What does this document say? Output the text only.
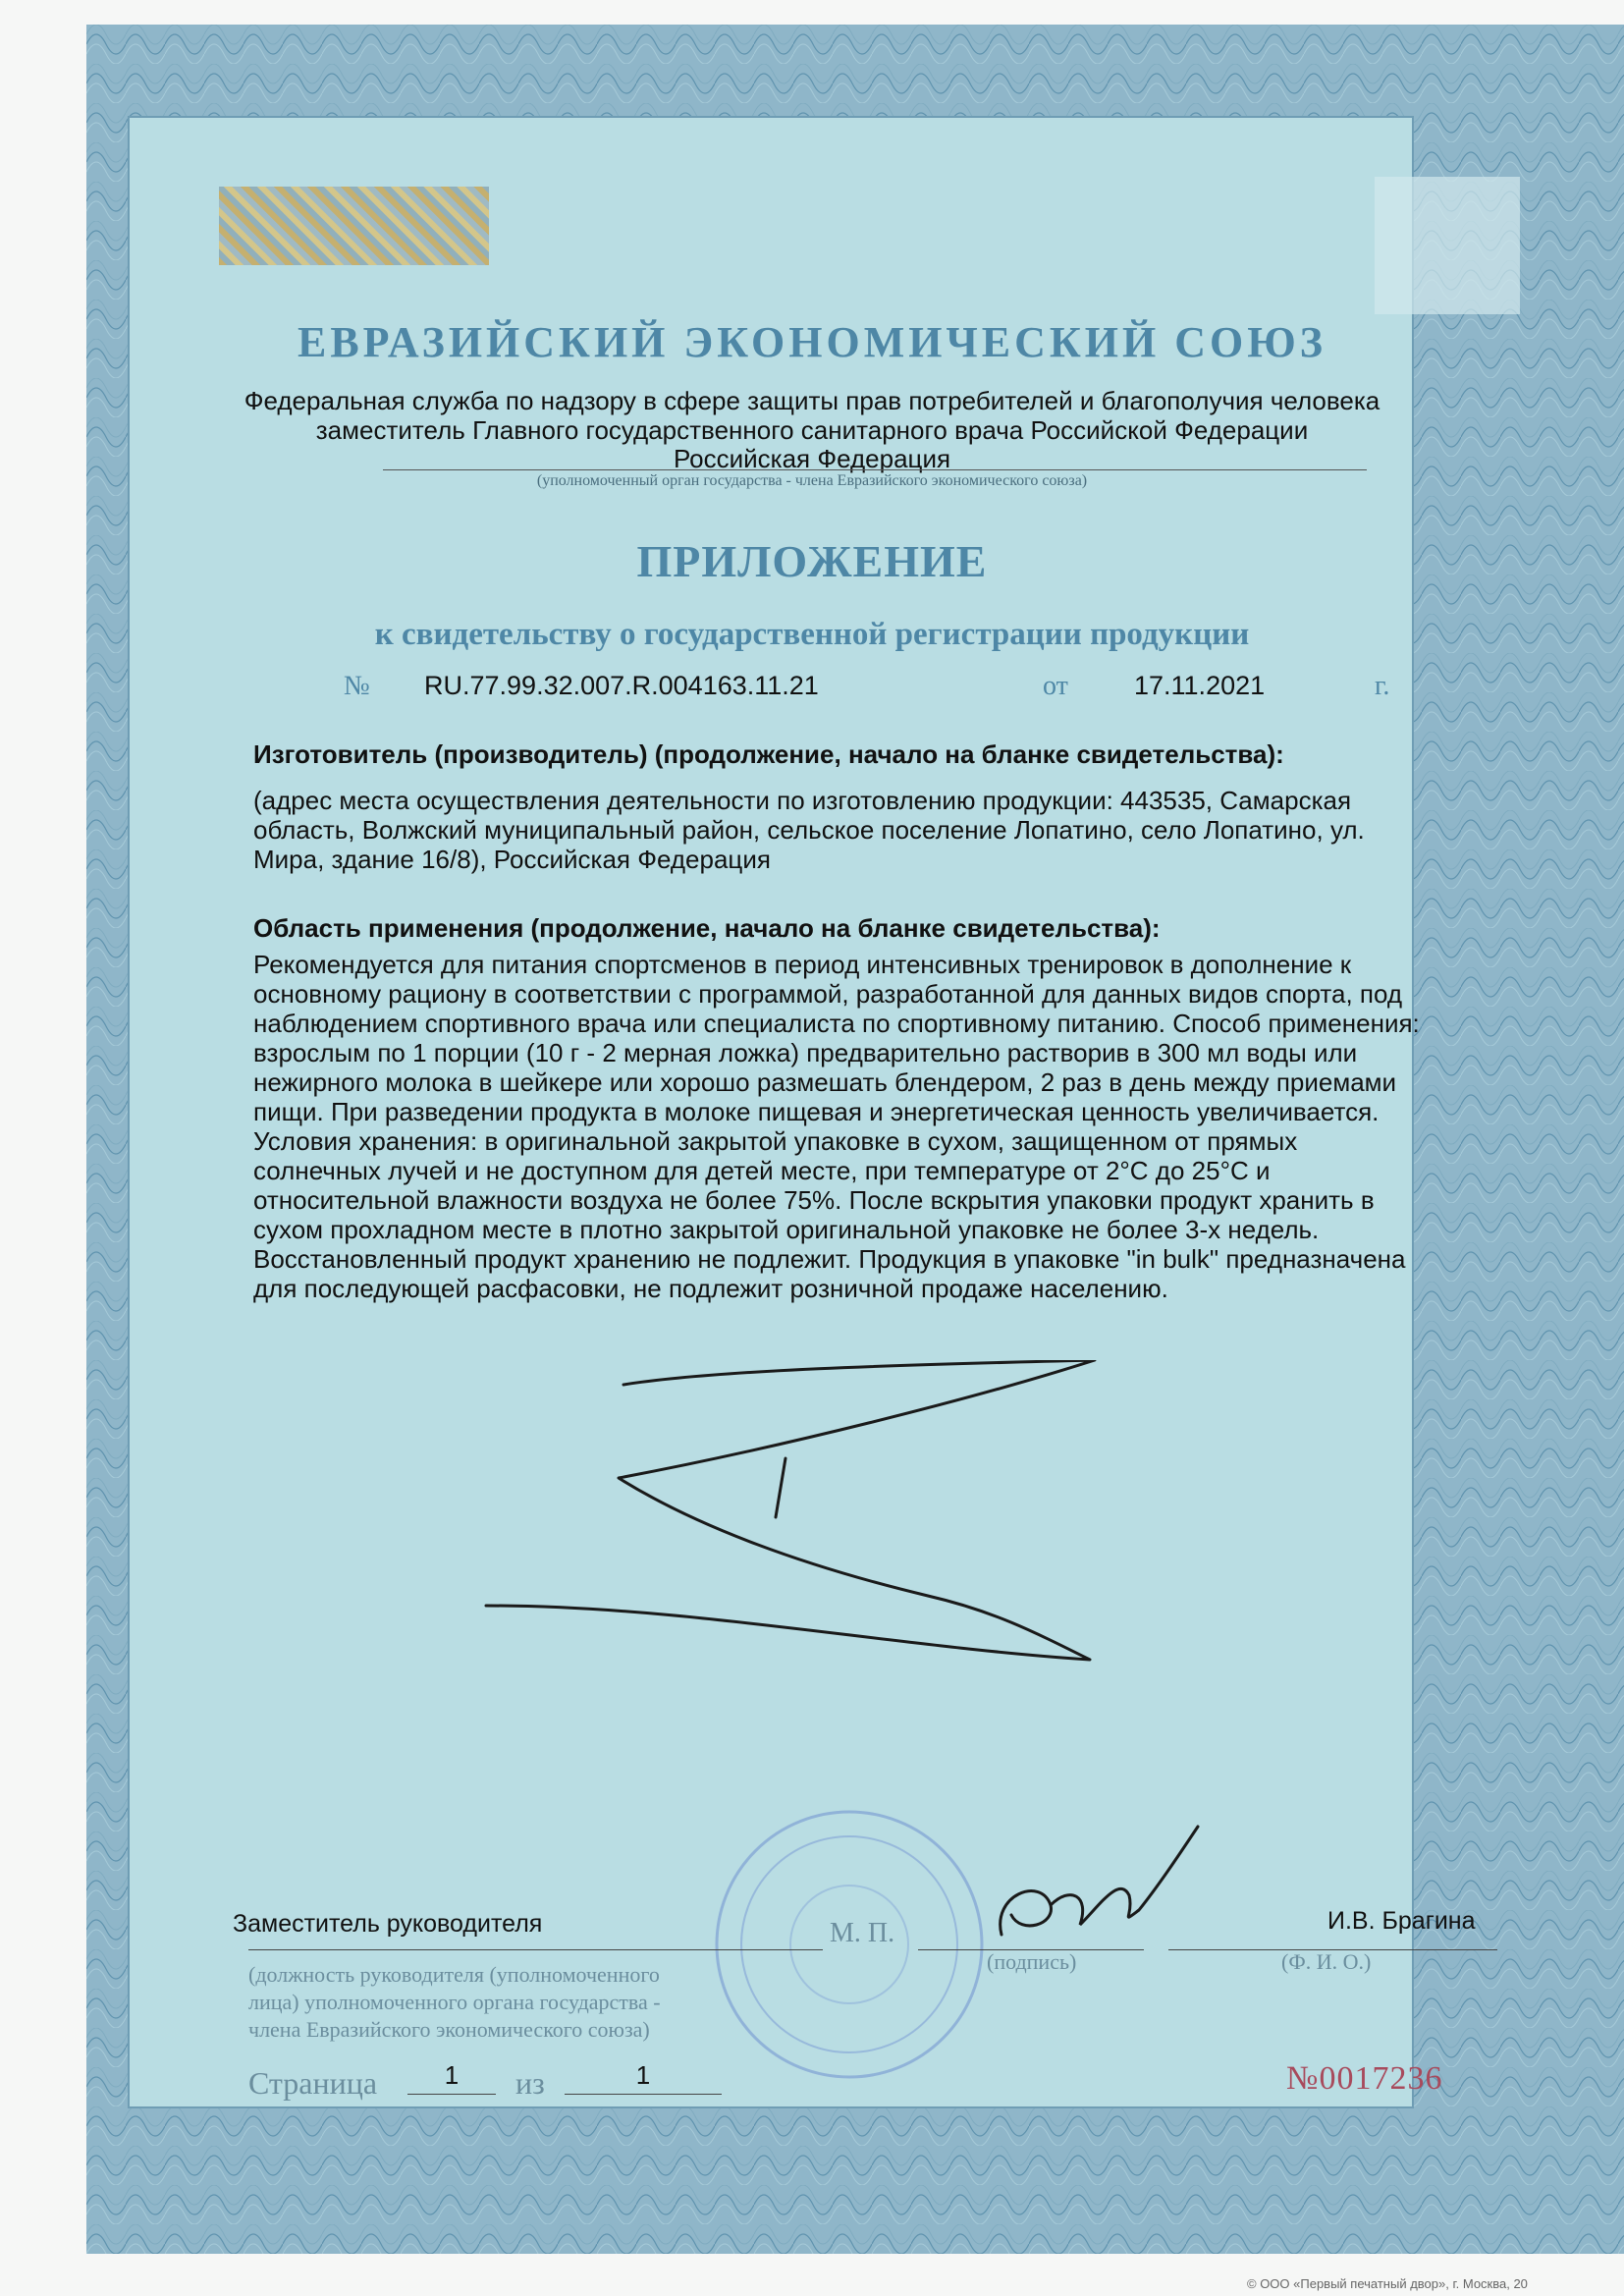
ЕВРАЗИЙСКИЙ ЭКОНОМИЧЕСКИЙ СОЮЗ
Федеральная служба по надзору в сфере защиты прав потребителей и благополучия человека
заместитель Главного государственного санитарного врача Российской Федерации
Российская Федерация
(уполномоченный орган государства - члена Евразийского экономического союза)
ПРИЛОЖЕНИЕ
к свидетельству о государственной регистрации продукции
№ RU.77.99.32.007.R.004163.11.21	от 17.11.2021	г.
Изготовитель (производитель) (продолжение, начало на бланке свидетельства):
(адрес места осуществления деятельности по изготовлению продукции: 443535, Самарская
область, Волжский муниципальный район, сельское поселение Лопатино, село Лопатино, ул.
Мира, здание 16/8), Российская Федерация
Область применения (продолжение, начало на бланке свидетельства):
Рекомендуется для питания спортсменов в период интенсивных тренировок в дополнение к
основному рациону в соответствии с программой, разработанной для данных видов спорта, под
наблюдением спортивного врача или специалиста по спортивному питанию. Способ применения:
взрослым по 1 порции (10 г - 2 мерная ложка) предварительно растворив в 300 мл воды или
нежирного молока в шейкере или хорошо размешать блендером, 2 раз в день между приемами
пищи. При разведении продукта в молоке пищевая и энергетическая ценность увеличивается.
Условия хранения: в оригинальной закрытой упаковке в сухом, защищенном от прямых
солнечных лучей и не доступном для детей месте, при температуре от 2°С до 25°С и
относительной влажности воздуха не более 75%. После вскрытия упаковки продукт хранить в
сухом прохладном месте в плотно закрытой оригинальной упаковке не более 3-х недель.
Восстановленный продукт хранению не подлежит. Продукция в упаковке "in bulk" предназначена
для последующей расфасовки, не подлежит розничной продаже населению.
Заместитель руководителя
(должность руководителя (уполномоченного
лица) уполномоченного органа государства -
члена Евразийского экономического союза)
М. П.
(подпись)
И.В. Брагина
(Ф. И. О.)
Страница	1	из	1	№0017236
© ООО «Первый печатный двор», г. Москва, 20
